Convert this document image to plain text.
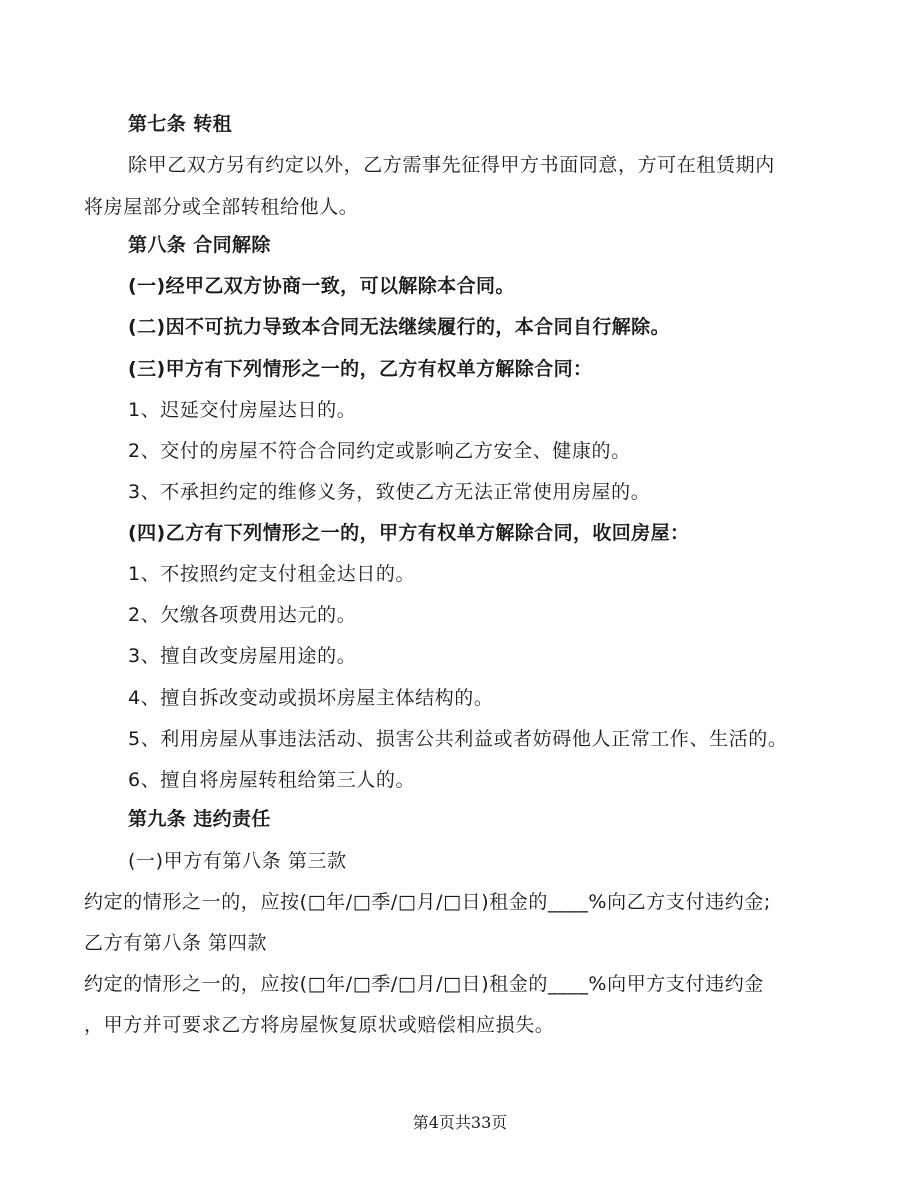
第七条 转租
除甲乙双方另有约定以外，乙方需事先征得甲方书面同意，方可在租赁期内
将房屋部分或全部转租给他人。
第八条 合同解除
(一)经甲乙双方协商一致，可以解除本合同。
(二)因不可抗力导致本合同无法继续履行的，本合同自行解除。
(三)甲方有下列情形之一的，乙方有权单方解除合同：
1、迟延交付房屋达日的。
2、交付的房屋不符合合同约定或影响乙方安全、健康的。
3、不承担约定的维修义务，致使乙方无法正常使用房屋的。
(四)乙方有下列情形之一的，甲方有权单方解除合同，收回房屋：
1、不按照约定支付租金达日的。
2、欠缴各项费用达元的。
3、擅自改变房屋用途的。
4、擅自拆改变动或损坏房屋主体结构的。
5、利用房屋从事违法活动、损害公共利益或者妨碍他人正常工作、生活的。
6、擅自将房屋转租给第三人的。
第九条 违约责任
(一)甲方有第八条 第三款
约定的情形之一的，应按(□年/□季/□月/□日)租金的____%向乙方支付违约金;
乙方有第八条 第四款
约定的情形之一的，应按(□年/□季/□月/□日)租金的____%向甲方支付违约金
，甲方并可要求乙方将房屋恢复原状或赔偿相应损失。
第4页共33页
